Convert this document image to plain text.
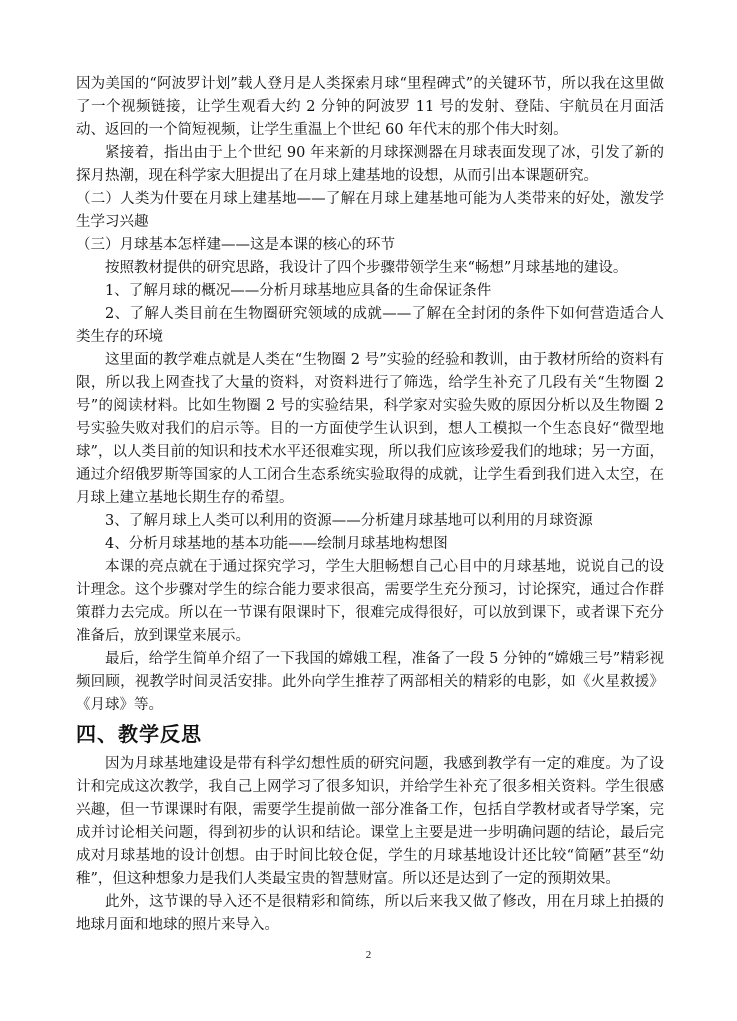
因为美国的“阿波罗计划”载人登月是人类探索月球“里程碑式”的关键环节，所以我在这里做了一个视频链接，让学生观看大约 2 分钟的阿波罗 11 号的发射、登陆、宇航员在月面活动、返回的一个简短视频，让学生重温上个世纪 60 年代末的那个伟大时刻。

紧接着，指出由于上个世纪 90 年来新的月球探测器在月球表面发现了冰，引发了新的探月热潮，现在科学家大胆提出了在月球上建基地的设想，从而引出本课题研究。

（二）人类为什要在月球上建基地——了解在月球上建基地可能为人类带来的好处，激发学生学习兴趣

（三）月球基本怎样建——这是本课的核心的环节

按照教材提供的研究思路，我设计了四个步骤带领学生来“畅想”月球基地的建设。

1、了解月球的概况——分析月球基地应具备的生命保证条件

2、了解人类目前在生物圈研究领域的成就——了解在全封闭的条件下如何营造适合人类生存的环境

这里面的教学难点就是人类在“生物圈 2 号”实验的经验和教训，由于教材所给的资料有限，所以我上网查找了大量的资料，对资料进行了筛选，给学生补充了几段有关“生物圈 2 号”的阅读材料。比如生物圈 2 号的实验结果，科学家对实验失败的原因分析以及生物圈 2 号实验失败对我们的启示等。目的一方面使学生认识到，想人工模拟一个生态良好“微型地球”，以人类目前的知识和技术水平还很难实现，所以我们应该珍爱我们的地球；另一方面，通过介绍俄罗斯等国家的人工闭合生态系统实验取得的成就，让学生看到我们进入太空，在月球上建立基地长期生存的希望。

3、了解月球上人类可以利用的资源——分析建月球基地可以利用的月球资源

4、分析月球基地的基本功能——绘制月球基地构想图

本课的亮点就在于通过探究学习，学生大胆畅想自己心目中的月球基地，说说自己的设计理念。这个步骤对学生的综合能力要求很高，需要学生充分预习，讨论探究，通过合作群策群力去完成。所以在一节课有限课时下，很难完成得很好，可以放到课下，或者课下充分准备后，放到课堂来展示。

最后，给学生简单介绍了一下我国的嫦娥工程，准备了一段 5 分钟的“嫦娥三号”精彩视频回顾，视教学时间灵活安排。此外向学生推荐了两部相关的精彩的电影，如《火星救援》《月球》等。

四、教学反思

因为月球基地建设是带有科学幻想性质的研究问题，我感到教学有一定的难度。为了设计和完成这次教学，我自己上网学习了很多知识，并给学生补充了很多相关资料。学生很感兴趣，但一节课课时有限，需要学生提前做一部分准备工作，包括自学教材或者导学案，完成并讨论相关问题，得到初步的认识和结论。课堂上主要是进一步明确问题的结论，最后完成对月球基地的设计创想。由于时间比较仓促，学生的月球基地设计还比较“简陋”甚至“幼稚”，但这种想象力是我们人类最宝贵的智慧财富。所以还是达到了一定的预期效果。

此外，这节课的导入还不是很精彩和简练，所以后来我又做了修改，用在月球上拍摄的地球月面和地球的照片来导入。

2
